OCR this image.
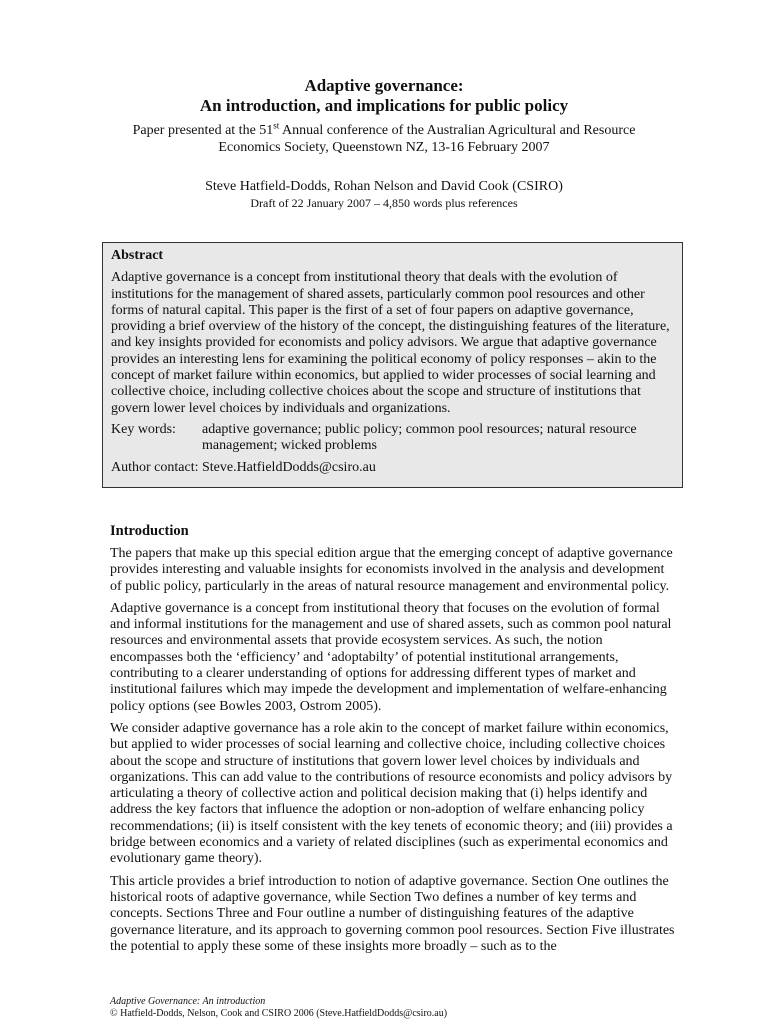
Adaptive governance:
An introduction, and implications for public policy
Paper presented at the 51st Annual conference of the Australian Agricultural and Resource
Economics Society, Queenstown NZ, 13-16 February 2007
Steve Hatfield-Dodds, Rohan Nelson and David Cook (CSIRO)
Draft of 22 January 2007 – 4,850 words plus references
Abstract

Adaptive governance is a concept from institutional theory that deals with the evolution of institutions for the management of shared assets, particularly common pool resources and other forms of natural capital. This paper is the first of a set of four papers on adaptive governance, providing a brief overview of the history of the concept, the distinguishing features of the literature, and key insights provided for economists and policy advisors. We argue that adaptive governance provides an interesting lens for examining the political economy of policy responses – akin to the concept of market failure within economics, but applied to wider processes of social learning and collective choice, including collective choices about the scope and structure of institutions that govern lower level choices by individuals and organizations.

Key words:	adaptive governance; public policy; common pool resources; natural resource management; wicked problems

Author contact: Steve.HatfieldDodds@csiro.au

Introduction

The papers that make up this special edition argue that the emerging concept of adaptive governance provides interesting and valuable insights for economists involved in the analysis and development of public policy, particularly in the areas of natural resource management and environmental policy.

Adaptive governance is a concept from institutional theory that focuses on the evolution of formal and informal institutions for the management and use of shared assets, such as common pool natural resources and environmental assets that provide ecosystem services. As such, the notion encompasses both the ‘efficiency’ and ‘adoptabilty’ of potential institutional arrangements, contributing to a clearer understanding of options for addressing different types of market and institutional failures which may impede the development and implementation of welfare-enhancing policy options (see Bowles 2003, Ostrom 2005).

We consider adaptive governance has a role akin to the concept of market failure within economics, but applied to wider processes of social learning and collective choice, including collective choices about the scope and structure of institutions that govern lower level choices by individuals and organizations. This can add value to the contributions of resource economists and policy advisors by articulating a theory of collective action and political decision making that (i) helps identify and address the key factors that influence the adoption or non-adoption of welfare enhancing policy recommendations; (ii) is itself consistent with the key tenets of economic theory; and (iii) provides a bridge between economics and a variety of related disciplines (such as experimental economics and evolutionary game theory).

This article provides a brief introduction to notion of adaptive governance. Section One outlines the historical roots of adaptive governance, while Section Two defines a number of key terms and concepts. Sections Three and Four outline a number of distinguishing features of the adaptive governance literature, and its approach to governing common pool resources. Section Five illustrates the potential to apply these some of these insights more broadly – such as to the

Adaptive Governance: An introduction
© Hatfield-Dodds, Nelson, Cook and CSIRO 2006 (Steve.HatfieldDodds@csiro.au)
